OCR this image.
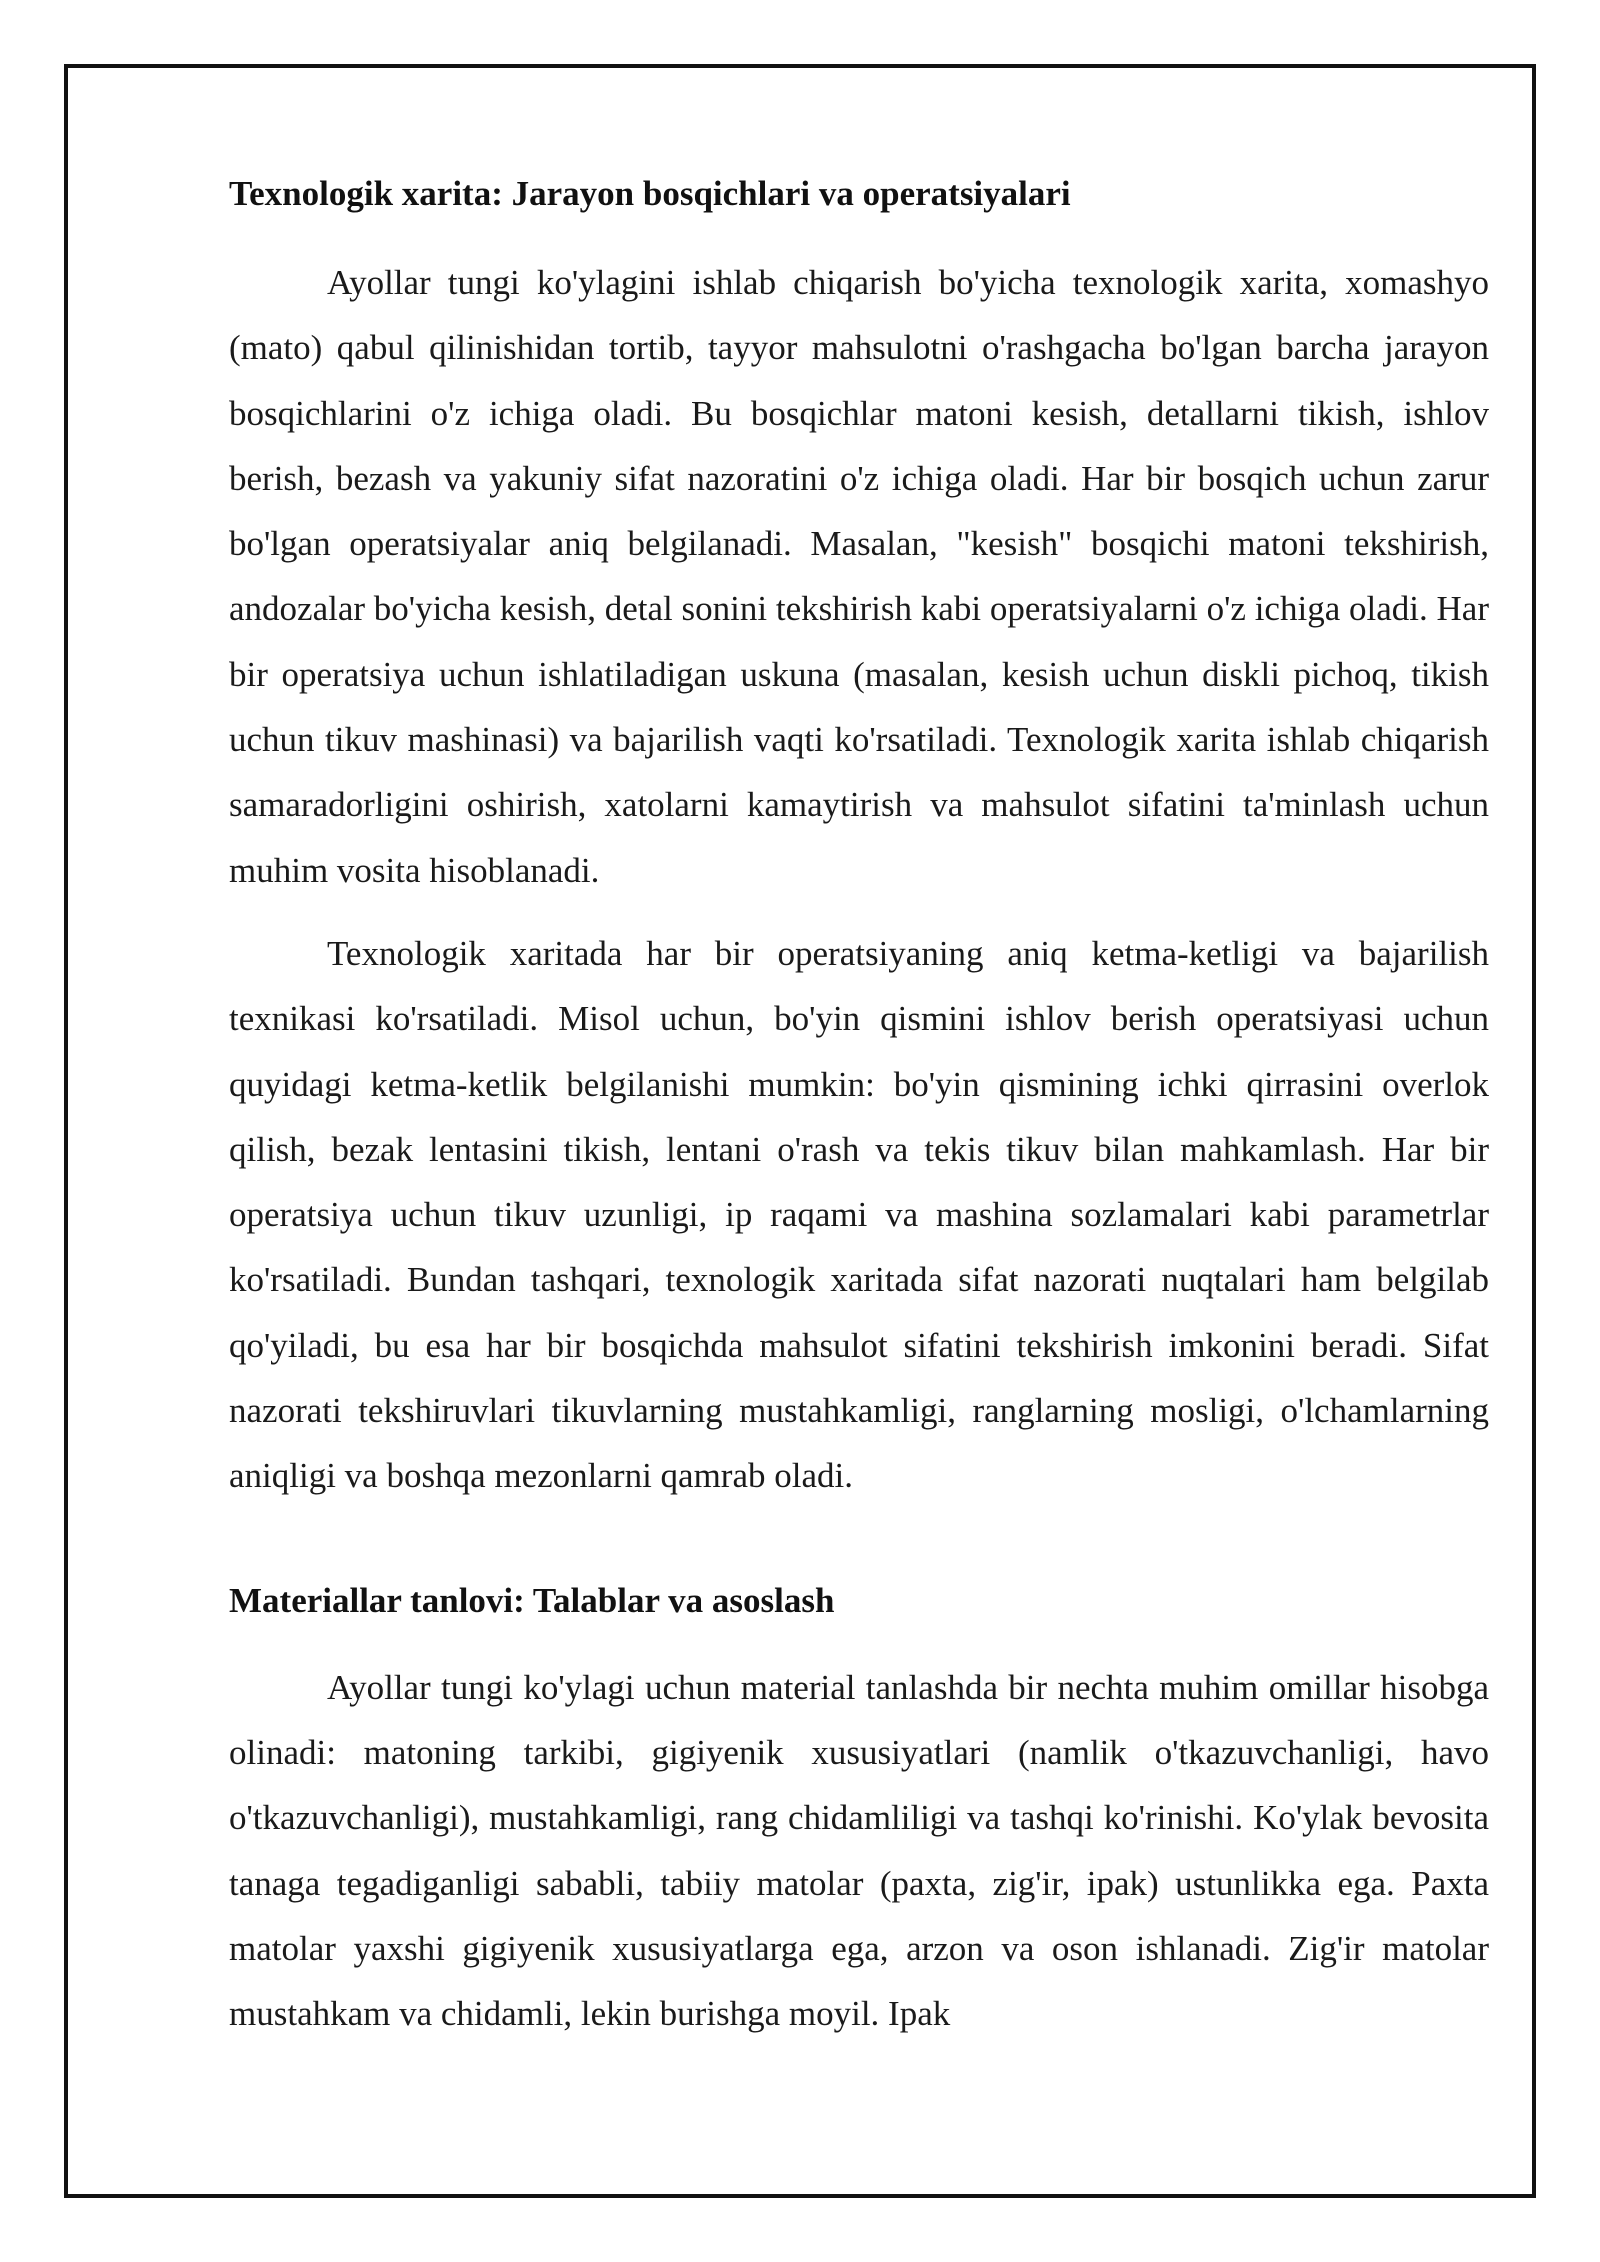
Texnologik xarita: Jarayon bosqichlari va operatsiyalari

Ayollar tungi ko'ylagini ishlab chiqarish bo'yicha texnologik xarita, xomashyo (mato) qabul qilinishidan tortib, tayyor mahsulotni o'rashgacha bo'lgan barcha jarayon bosqichlarini o'z ichiga oladi. Bu bosqichlar matoni kesish, detallarni tikish, ishlov berish, bezash va yakuniy sifat nazoratini o'z ichiga oladi. Har bir bosqich uchun zarur bo'lgan operatsiyalar aniq belgilanadi. Masalan, "kesish" bosqichi matoni tekshirish, andozalar bo'yicha kesish, detal sonini tekshirish kabi operatsiyalarni o'z ichiga oladi. Har bir operatsiya uchun ishlatiladigan uskuna (masalan, kesish uchun diskli pichoq, tikish uchun tikuv mashinasi) va bajarilish vaqti ko'rsatiladi. Texnologik xarita ishlab chiqarish samaradorligini oshirish, xatolarni kamaytirish va mahsulot sifatini ta'minlash uchun muhim vosita hisoblanadi.

Texnologik xaritada har bir operatsiyaning aniq ketma-ketligi va bajarilish texnikasi ko'rsatiladi. Misol uchun, bo'yin qismini ishlov berish operatsiyasi uchun quyidagi ketma-ketlik belgilanishi mumkin: bo'yin qismining ichki qirrasini overlok qilish, bezak lentasini tikish, lentani o'rash va tekis tikuv bilan mahkamlash. Har bir operatsiya uchun tikuv uzunligi, ip raqami va mashina sozlamalari kabi parametrlar ko'rsatiladi. Bundan tashqari, texnologik xaritada sifat nazorati nuqtalari ham belgilab qo'yiladi, bu esa har bir bosqichda mahsulot sifatini tekshirish imkonini beradi. Sifat nazorati tekshiruvlari tikuvlarning mustahkamligi, ranglarning mosligi, o'lchamlarning aniqligi va boshqa mezonlarni qamrab oladi.

Materiallar tanlovi: Talablar va asoslash

Ayollar tungi ko'ylagi uchun material tanlashda bir nechta muhim omillar hisobga olinadi: matoning tarkibi, gigiyenik xususiyatlari (namlik o'tkazuvchanligi, havo o'tkazuvchanligi), mustahkamligi, rang chidamliligi va tashqi ko'rinishi. Ko'ylak bevosita tanaga tegadiganligi sababli, tabiiy matolar (paxta, zig'ir, ipak) ustunlikka ega. Paxta matolar yaxshi gigiyenik xususiyatlarga ega, arzon va oson ishlanadi. Zig'ir matolar mustahkam va chidamli, lekin burishga moyil. Ipak
